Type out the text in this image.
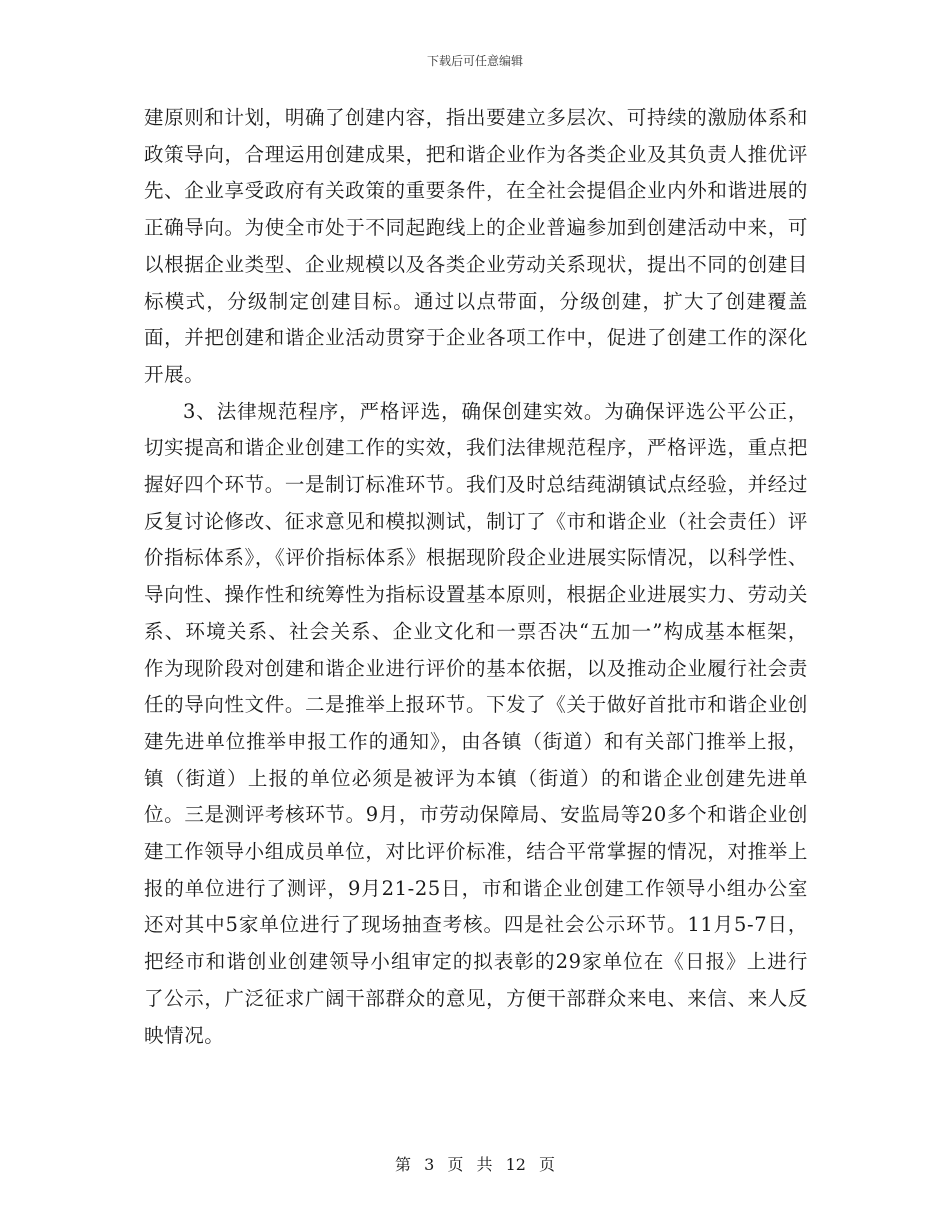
下载后可任意编辑

建原则和计划，明确了创建内容，指出要建立多层次、可持续的激励体系和政策导向，合理运用创建成果，把和谐企业作为各类企业及其负责人推优评先、企业享受政府有关政策的重要条件，在全社会提倡企业内外和谐进展的正确导向。为使全市处于不同起跑线上的企业普遍参加到创建活动中来，可以根据企业类型、企业规模以及各类企业劳动关系现状，提出不同的创建目标模式，分级制定创建目标。通过以点带面，分级创建，扩大了创建覆盖面，并把创建和谐企业活动贯穿于企业各项工作中，促进了创建工作的深化开展。

3、法律规范程序，严格评选，确保创建实效。为确保评选公平公正，切实提高和谐企业创建工作的实效，我们法律规范程序，严格评选，重点把握好四个环节。一是制订标准环节。我们及时总结莼湖镇试点经验，并经过反复讨论修改、征求意见和模拟测试，制订了《市和谐企业（社会责任）评价指标体系》，《评价指标体系》根据现阶段企业进展实际情况，以科学性、导向性、操作性和统筹性为指标设置基本原则，根据企业进展实力、劳动关系、环境关系、社会关系、企业文化和一票否决“五加一”构成基本框架，作为现阶段对创建和谐企业进行评价的基本依据，以及推动企业履行社会责任的导向性文件。二是推举上报环节。下发了《关于做好首批市和谐企业创建先进单位推举申报工作的通知》，由各镇（街道）和有关部门推举上报，镇（街道）上报的单位必须是被评为本镇（街道）的和谐企业创建先进单位。三是测评考核环节。9月，市劳动保障局、安监局等20多个和谐企业创建工作领导小组成员单位，对比评价标准，结合平常掌握的情况，对推举上报的单位进行了测评，9月21-25日，市和谐企业创建工作领导小组办公室还对其中5家单位进行了现场抽查考核。四是社会公示环节。11月5-7日，把经市和谐创业创建领导小组审定的拟表彰的29家单位在《日报》上进行了公示，广泛征求广阔干部群众的意见，方便干部群众来电、来信、来人反映情况。

第 3 页 共 12 页
